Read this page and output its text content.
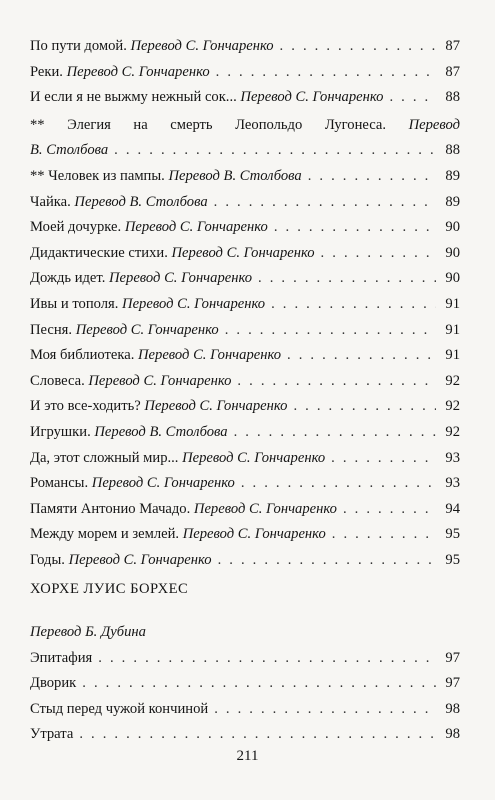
По пути домой. Перевод С. Гончаренко . . .	87
Реки. Перевод С. Гончаренко . . .	87
И если я не выжму нежный сок... Перевод С. Гончаренко . . .	88
** Элегия на смерть Леопольдо Лугонеса. Перевод
В. Столбова . . .	88
** Человек из пампы. Перевод В. Столбова . . .	89
Чайка. Перевод В. Столбова . . .	89
Моей дочурке. Перевод С. Гончаренко . . .	90
Дидактические стихи. Перевод С. Гончаренко . . .	90
Дождь идет. Перевод С. Гончаренко . . .	90
Ивы и тополя. Перевод С. Гончаренко . . .	91
Песня. Перевод С. Гончаренко . . .	91
Моя библиотека. Перевод С. Гончаренко . . .	91
Словеса. Перевод С. Гончаренко . . .	92
И это все-ходить? Перевод С. Гончаренко . . .	92
Игрушки. Перевод В. Столбова . . .	92
Да, этот сложный мир... Перевод С. Гончаренко . . .	93
Романсы. Перевод С. Гончаренко . . .	93
Памяти Антонио Мачадо. Перевод С. Гончаренко . . .	94
Между морем и землей. Перевод С. Гончаренко . . .	95
Годы. Перевод С. Гончаренко . . .	95
ХОРХЕ ЛУИС БОРХЕС
Перевод Б. Дубина
Эпитафия . . .	97
Дворик . . .	97
Стыд перед чужой кончиной . . .	98
Утрата . . .	98
211
